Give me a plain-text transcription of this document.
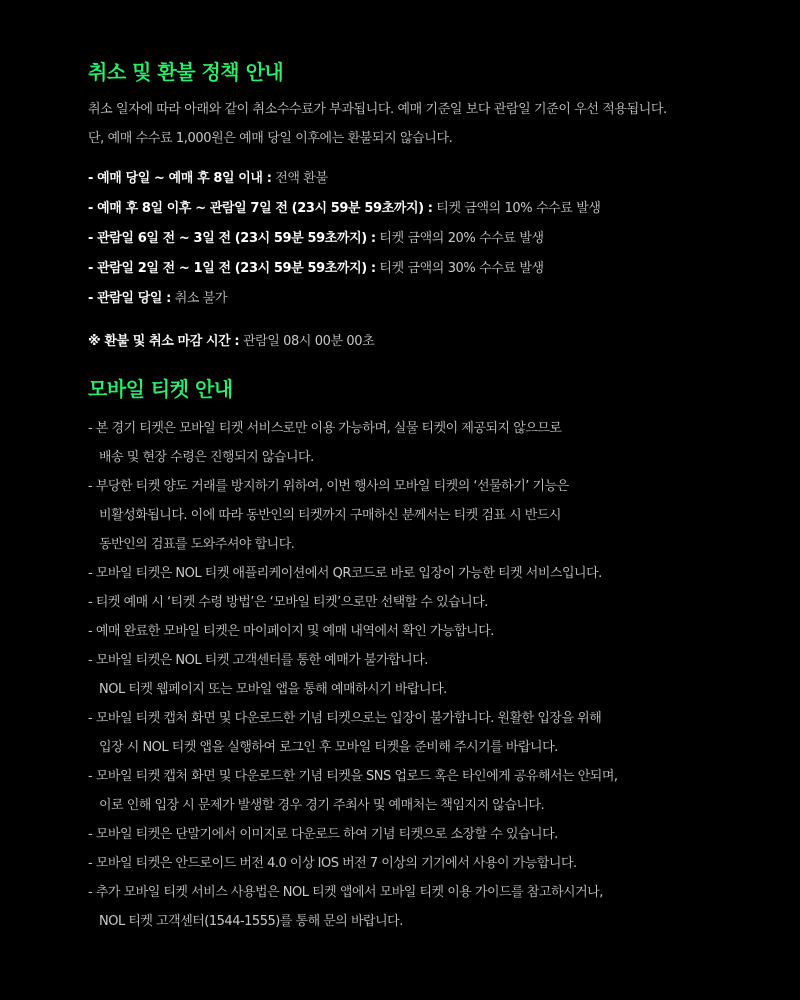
취소 및 환불 정책 안내
취소 일자에 따라 아래와 같이 취소수수료가 부과됩니다. 예매 기준일 보다 관람일 기준이 우선 적용됩니다.
단, 예매 수수료 1,000원은 예매 당일 이후에는 환불되지 않습니다.
- 예매 당일 ~ 예매 후 8일 이내 : 전액 환불
- 예매 후 8일 이후 ~ 관람일 7일 전 (23시 59분 59초까지) : 티켓 금액의 10% 수수료 발생
- 관람일 6일 전 ~ 3일 전 (23시 59분 59초까지) : 티켓 금액의 20% 수수료 발생
- 관람일 2일 전 ~ 1일 전 (23시 59분 59초까지) : 티켓 금액의 30% 수수료 발생
- 관람일 당일 : 취소 불가
※ 환불 및 취소 마감 시간 : 관람일 08시 00분 00초
모바일 티켓 안내
- 본 경기 티켓은 모바일 티켓 서비스로만 이용 가능하며, 실물 티켓이 제공되지 않으므로
배송 및 현장 수령은 진행되지 않습니다.
- 부당한 티켓 양도 거래를 방지하기 위하여, 이번 행사의 모바일 티켓의 ‘선물하기’ 기능은
비활성화됩니다. 이에 따라 동반인의 티켓까지 구매하신 분께서는 티켓 검표 시 반드시
동반인의 검표를 도와주셔야 합니다.
- 모바일 티켓은 NOL 티켓 애플리케이션에서 QR코드로 바로 입장이 가능한 티켓 서비스입니다.
- 티켓 예매 시 ‘티켓 수령 방법’은 ‘모바일 티켓’으로만 선택할 수 있습니다.
- 예매 완료한 모바일 티켓은 마이페이지 및 예매 내역에서 확인 가능합니다.
- 모바일 티켓은 NOL 티켓 고객센터를 통한 예매가 불가합니다.
NOL 티켓 웹페이지 또는 모바일 앱을 통해 예매하시기 바랍니다.
- 모바일 티켓 캡처 화면 및 다운로드한 기념 티켓으로는 입장이 불가합니다. 원활한 입장을 위해
입장 시 NOL 티켓 앱을 실행하여 로그인 후 모바일 티켓을 준비해 주시기를 바랍니다.
- 모바일 티켓 캡처 화면 및 다운로드한 기념 티켓을 SNS 업로드 혹은 타인에게 공유해서는 안되며,
이로 인해 입장 시 문제가 발생할 경우 경기 주최사 및 예매처는 책임지지 않습니다.
- 모바일 티켓은 단말기에서 이미지로 다운로드 하여 기념 티켓으로 소장할 수 있습니다.
- 모바일 티켓은 안드로이드 버전 4.0 이상 IOS 버전 7 이상의 기기에서 사용이 가능합니다.
- 추가 모바일 티켓 서비스 사용법은 NOL 티켓 앱에서 모바일 티켓 이용 가이드를 참고하시거나,
NOL 티켓 고객센터(1544-1555)를 통해 문의 바랍니다.
